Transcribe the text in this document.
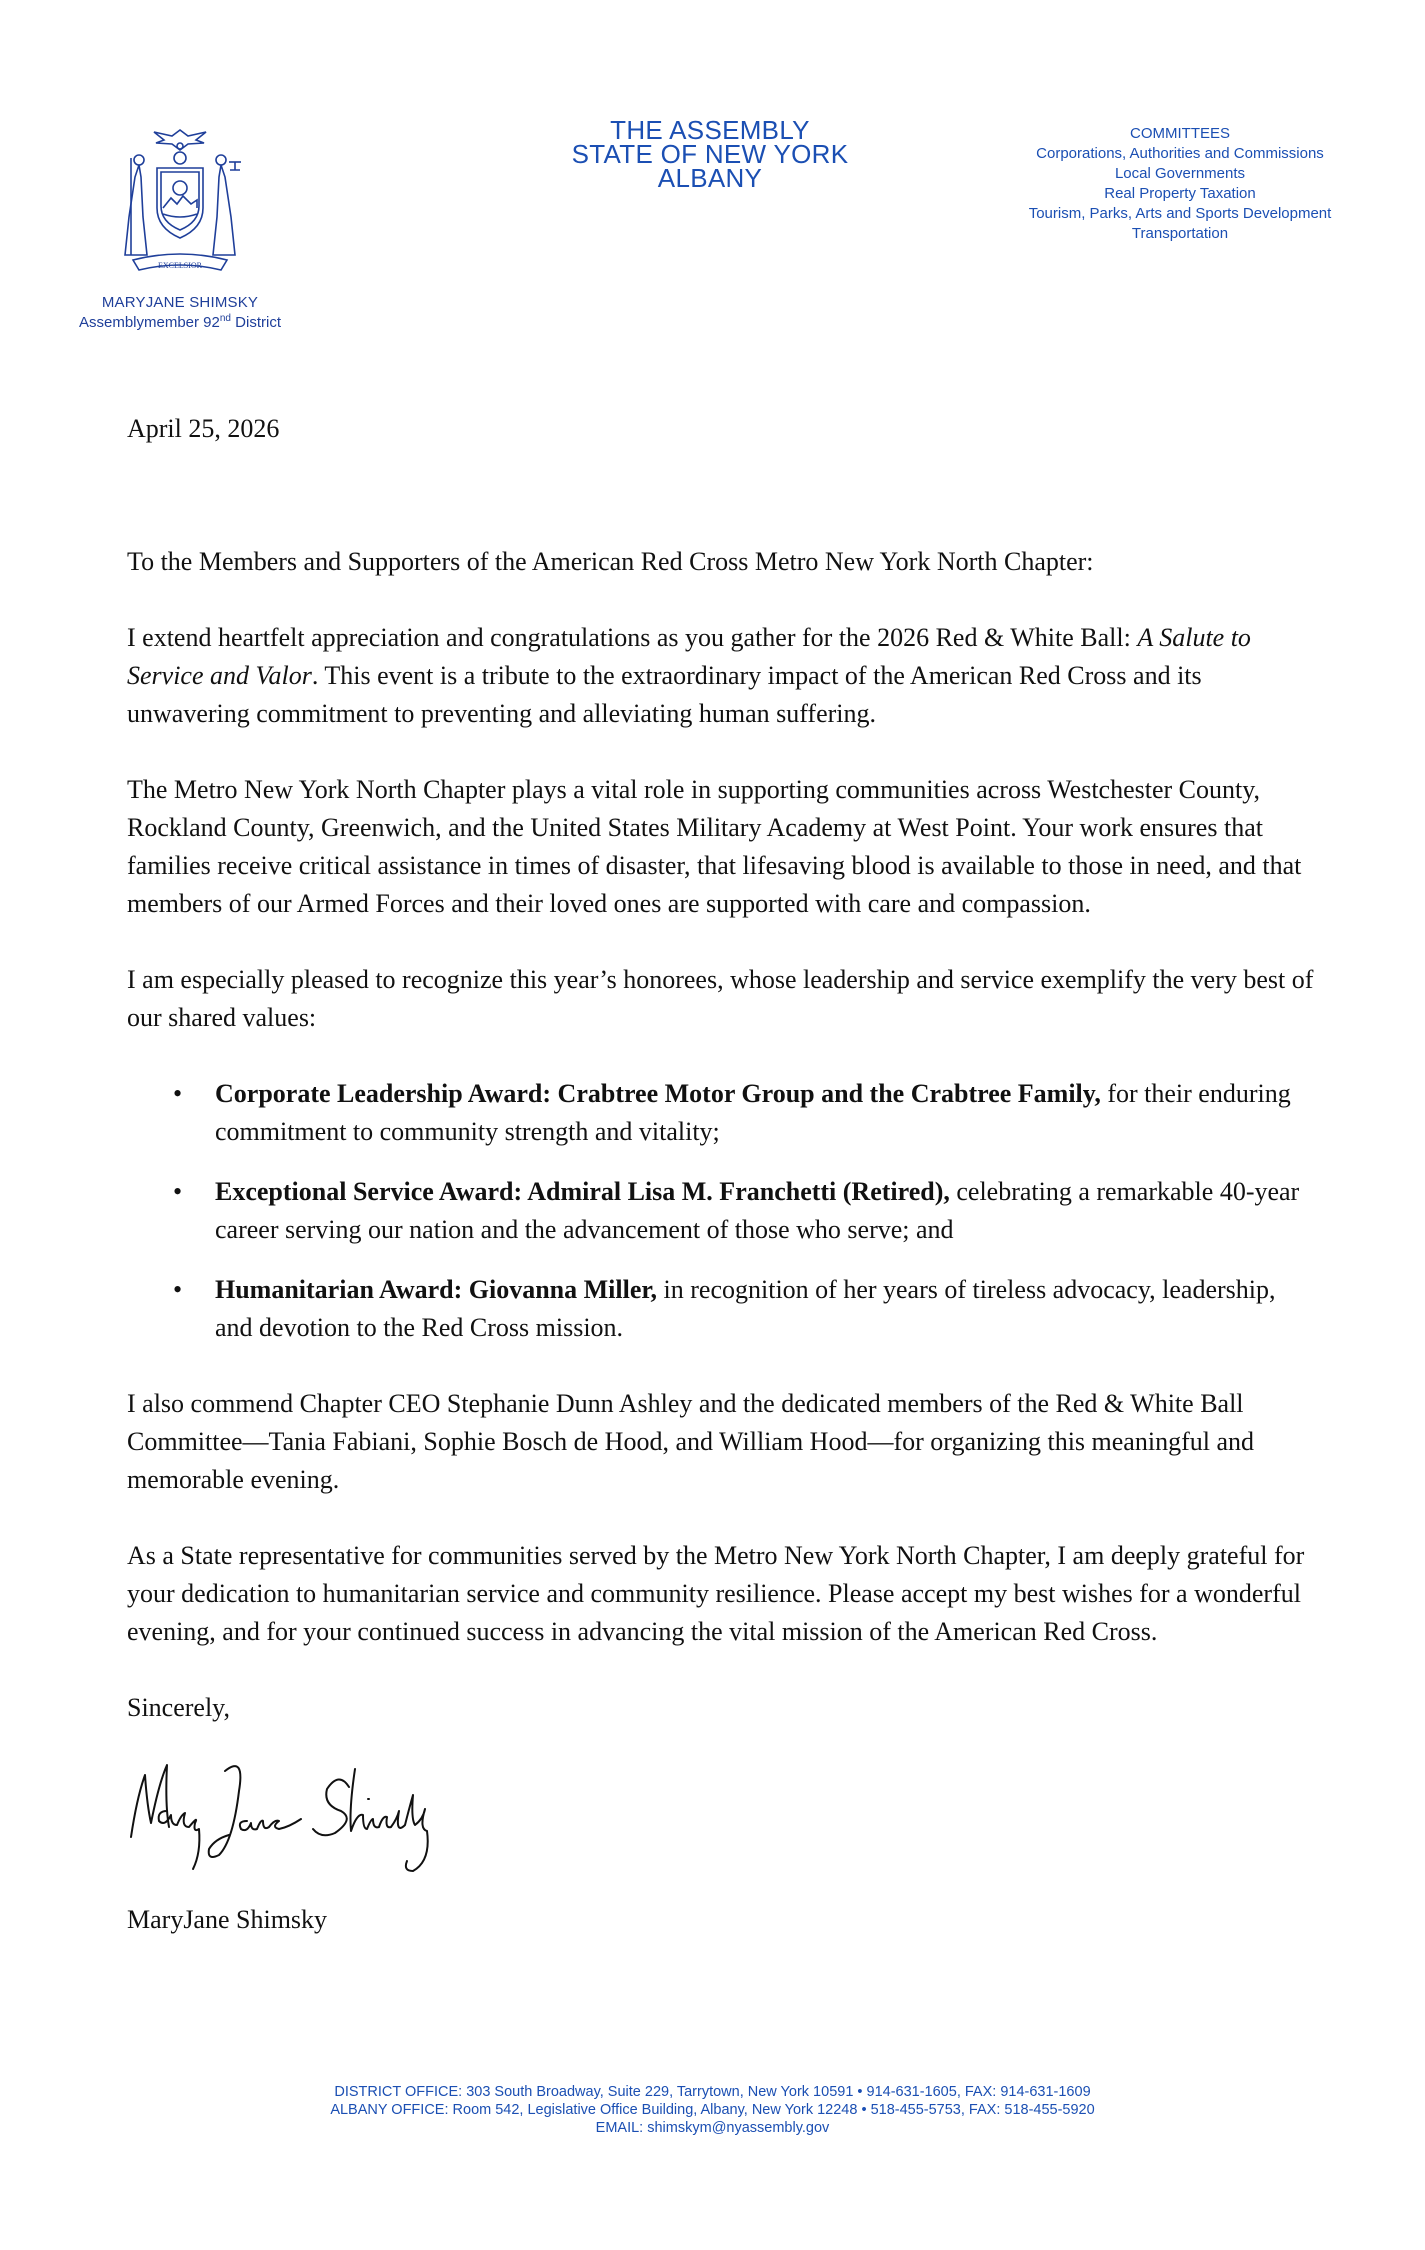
EXCELSIOR
MARYJANE SHIMSKY
Assemblymember 92nd District
THE ASSEMBLY
STATE OF NEW YORK
ALBANY
COMMITTEES
Corporations, Authorities and Commissions
Local Governments
Real Property Taxation
Tourism, Parks, Arts and Sports Development
Transportation

April 25, 2026

To the Members and Supporters of the American Red Cross Metro New York North Chapter:

I extend heartfelt appreciation and congratulations as you gather for the 2026 Red & White Ball: A Salute to Service and Valor. This event is a tribute to the extraordinary impact of the American Red Cross and its unwavering commitment to preventing and alleviating human suffering.

The Metro New York North Chapter plays a vital role in supporting communities across Westchester County, Rockland County, Greenwich, and the United States Military Academy at West Point. Your work ensures that families receive critical assistance in times of disaster, that lifesaving blood is available to those in need, and that members of our Armed Forces and their loved ones are supported with care and compassion.

I am especially pleased to recognize this year’s honorees, whose leadership and service exemplify the very best of our shared values:

• Corporate Leadership Award: Crabtree Motor Group and the Crabtree Family, for their enduring commitment to community strength and vitality;
• Exceptional Service Award: Admiral Lisa M. Franchetti (Retired), celebrating a remarkable 40-year career serving our nation and the advancement of those who serve; and
• Humanitarian Award: Giovanna Miller, in recognition of her years of tireless advocacy, leadership, and devotion to the Red Cross mission.

I also commend Chapter CEO Stephanie Dunn Ashley and the dedicated members of the Red & White Ball Committee—Tania Fabiani, Sophie Bosch de Hood, and William Hood—for organizing this meaningful and memorable evening.

As a State representative for communities served by the Metro New York North Chapter, I am deeply grateful for your dedication to humanitarian service and community resilience. Please accept my best wishes for a wonderful evening, and for your continued success in advancing the vital mission of the American Red Cross.

Sincerely,

MaryJane Shimsky

DISTRICT OFFICE: 303 South Broadway, Suite 229, Tarrytown, New York 10591 • 914-631-1605, FAX: 914-631-1609
ALBANY OFFICE: Room 542, Legislative Office Building, Albany, New York 12248 • 518-455-5753, FAX: 518-455-5920
EMAIL: shimskym@nyassembly.gov
